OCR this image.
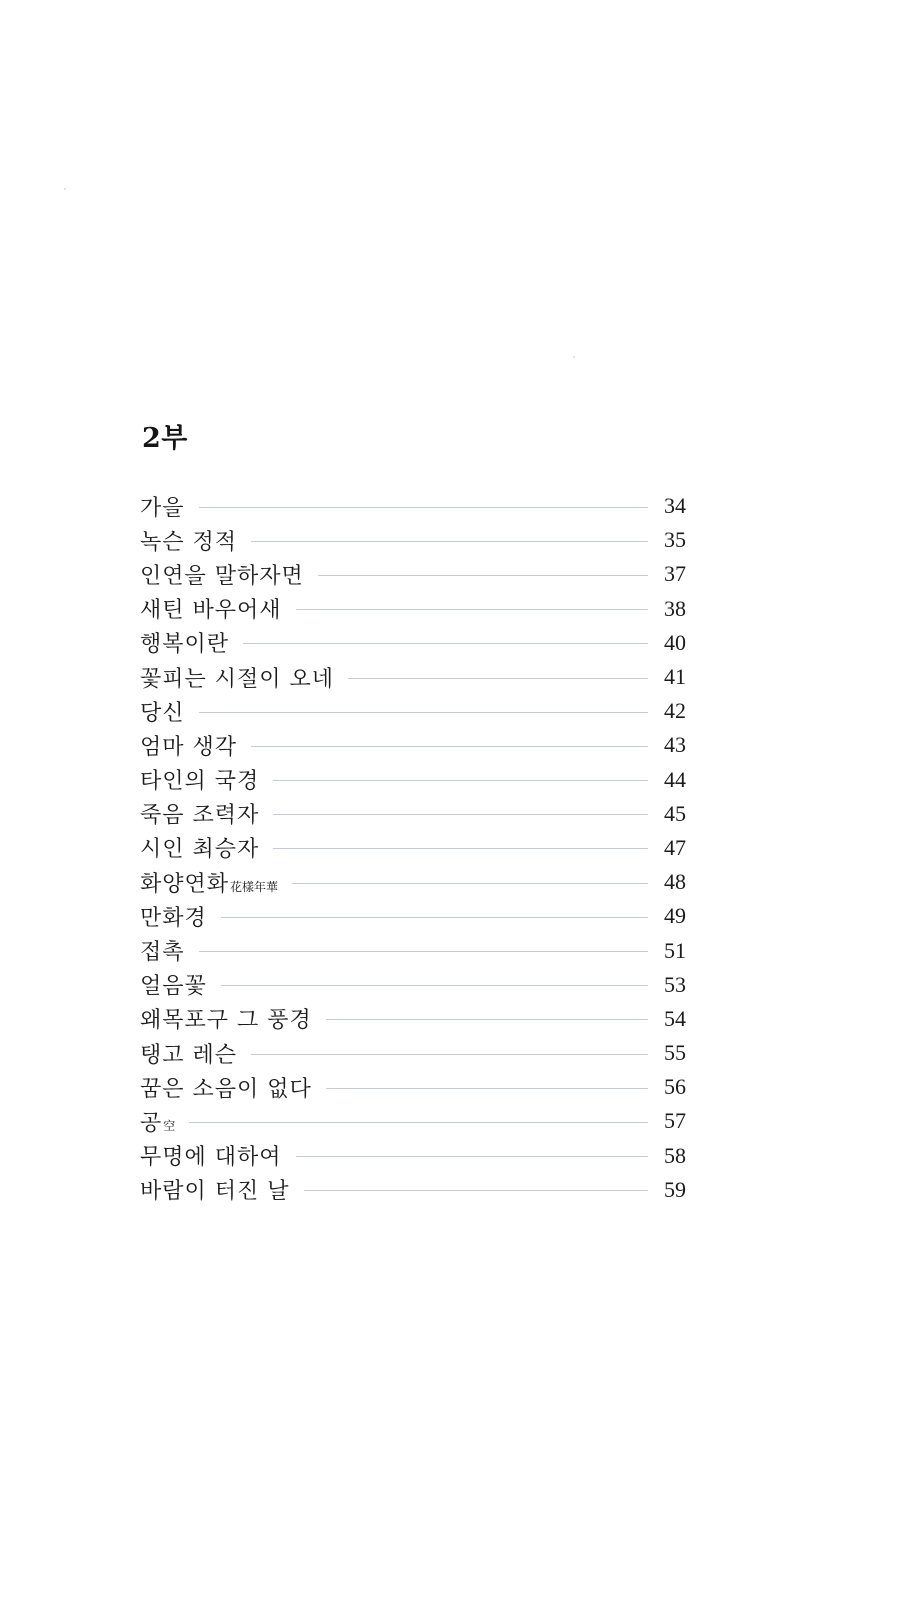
2부
가을	34
녹슨 정적	35
인연을 말하자면	37
새틴 바우어새	38
행복이란	40
꽃피는 시절이 오네	41
당신	42
엄마 생각	43
타인의 국경	44
죽음 조력자	45
시인 최승자	47
화양연화花樣年華	48
만화경	49
접촉	51
얼음꽃	53
왜목포구 그 풍경	54
탱고 레슨	55
꿈은 소음이 없다	56
공空	57
무명에 대하여	58
바람이 터진 날	59
